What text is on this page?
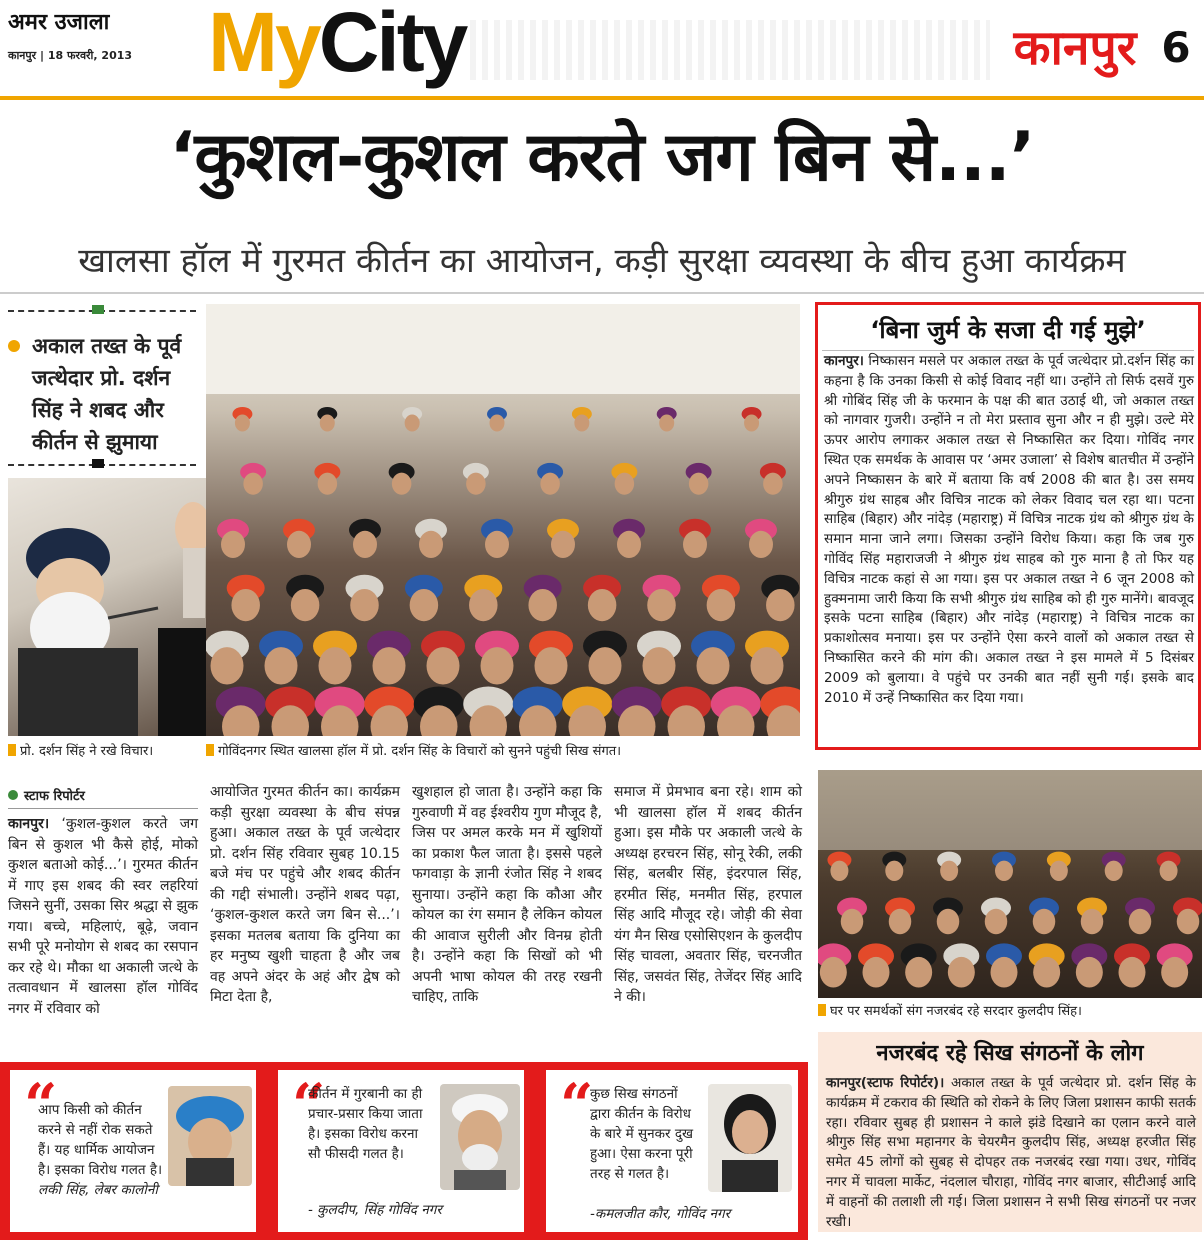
अमर उजाला
कानपुर | 18 फरवरी, 2013 MyCity	कानपुर 6
‘कुशल-कुशल करते जग बिन से...’
खालसा हॉल में गुरमत कीर्तन का आयोजन, कड़ी सुरक्षा व्यवस्था के बीच हुआ कार्यक्रम
अकाल तख्त के पूर्व जत्थेदार प्रो. दर्शन सिंह ने शबद और कीर्तन से झुमाया
प्रो. दर्शन सिंह ने रखे विचार।	गोविंदनगर स्थित खालसा हॉल में प्रो. दर्शन सिंह के विचारों को सुनने पहुंची सिख संगत।
स्टाफ रिपोर्टर
कानपुर। ‘कुशल-कुशल करते जग बिन से कुशल भी कैसे होई, मोको कुशल बताओ कोई...’। गुरमत कीर्तन में गाए इस शबद की स्वर लहरियां जिसने सुनीं, उसका सिर श्रद्धा से झुक गया। बच्चे, महिलाएं, बूढ़े, जवान सभी पूरे मनोयोग से शबद का रसपान कर रहे थे। मौका था अकाली जत्थे के तत्वावधान में खालसा हॉल गोविंद नगर में रविवार को
आयोजित गुरमत कीर्तन का। कार्यक्रम कड़ी सुरक्षा व्यवस्था के बीच संपन्न हुआ। अकाल तख्त के पूर्व जत्थेदार प्रो. दर्शन सिंह रविवार सुबह 10.15 बजे मंच पर पहुंचे और शबद कीर्तन की गद्दी संभाली। उन्होंने शबद पढ़ा, ‘कुशल-कुशल करते जग बिन से...’। इसका मतलब बताया कि दुनिया का हर मनुष्य खुशी चाहता है और जब वह अपने अंदर के अहं और द्वेष को मिटा देता है,
खुशहाल हो जाता है। उन्होंने कहा कि गुरुवाणी में वह ईश्वरीय गुण मौजूद है, जिस पर अमल करके मन में खुशियों का प्रकाश फैल जाता है। इससे पहले फगवाड़ा के ज्ञानी रंजोत सिंह ने शबद सुनाया। उन्होंने कहा कि कौआ और कोयल का रंग समान है लेकिन कोयल की आवाज सुरीली और विनम्र होती है। उन्होंने कहा कि सिखों को भी अपनी भाषा कोयल की तरह रखनी चाहिए, ताकि
समाज में प्रेमभाव बना रहे। शाम को भी खालसा हॉल में शबद कीर्तन हुआ। इस मौके पर अकाली जत्थे के अध्यक्ष हरचरन सिंह, सोनू रेकी, लकी सिंह, बलबीर सिंह, इंदरपाल सिंह, हरमीत सिंह, मनमीत सिंह, हरपाल सिंह आदि मौजूद रहे। जोड़ी की सेवा यंग मैन सिख एसोसिएशन के कुलदीप सिंह चावला, अवतार सिंह, चरनजीत सिंह, जसवंत सिंह, तेजेंदर सिंह आदि ने की।
“
आप किसी को कीर्तन करने से नहीं रोक सकते हैं। यह धार्मिक आयोजन है। इसका विरोध गलत है। लकी सिंह, लेबर कालोनी
“
कीर्तन में गुरबानी का ही प्रचार-प्रसार किया जाता है। इसका विरोध करना सौ फीसदी गलत है।
- कुलदीप, सिंह गोविंद नगर
“
कुछ सिख संगठनों द्वारा कीर्तन के विरोध के बारे में सुनकर दुख हुआ। ऐसा करना पूरी तरह से गलत है।
-कमलजीत कौर, गोविंद नगर
‘बिना जुर्म के सजा दी गई मुझे’
कानपुर। निष्कासन मसले पर अकाल तख्त के पूर्व जत्थेदार प्रो.दर्शन सिंह का कहना है कि उनका किसी से कोई विवाद नहीं था। उन्होंने तो सिर्फ दसवें गुरु श्री गोबिंद सिंह जी के फरमान के पक्ष की बात उठाई थी, जो अकाल तख्त को नागवार गुजरी। उन्होंने न तो मेरा प्रस्ताव सुना और न ही मुझे। उल्टे मेरे ऊपर आरोप लगाकर अकाल तख्त से निष्कासित कर दिया। गोविंद नगर स्थित एक समर्थक के आवास पर ‘अमर उजाला’ से विशेष बातचीत में उन्होंने अपने निष्कासन के बारे में बताया कि वर्ष 2008 की बात है। उस समय श्रीगुरु ग्रंथ साहब और विचित्र नाटक को लेकर विवाद चल रहा था। पटना साहिब (बिहार) और नांदेड़ (महाराष्ट्र) में विचित्र नाटक ग्रंथ को श्रीगुरु ग्रंथ के समान माना जाने लगा। जिसका उन्होंने विरोध किया। कहा कि जब गुरु गोविंद सिंह महाराजजी ने श्रीगुरु ग्रंथ साहब को गुरु माना है तो फिर यह विचित्र नाटक कहां से आ गया। इस पर अकाल तख्त ने 6 जून 2008 को हुक्मनामा जारी किया कि सभी श्रीगुरु ग्रंथ साहिब को ही गुरु मानेंगे। बावजूद इसके पटना साहिब (बिहार) और नांदेड़ (महाराष्ट्र) ने विचित्र नाटक का प्रकाशोत्सव मनाया। इस पर उन्होंने ऐसा करने वालों को अकाल तख्त से निष्कासित करने की मांग की। अकाल तख्त ने इस मामले में 5 दिसंबर 2009 को बुलाया। वे पहुंचे पर उनकी बात नहीं सुनी गई। इसके बाद 2010 में उन्हें निष्कासित कर दिया गया।
घर पर समर्थकों संग नजरबंद रहे सरदार कुलदीप सिंह।
नजरबंद रहे सिख संगठनों के लोग
कानपुर(स्टाफ रिपोर्टर)। अकाल तख्त के पूर्व जत्थेदार प्रो. दर्शन सिंह के कार्यक्रम में टकराव की स्थिति को रोकने के लिए जिला प्रशासन काफी सतर्क रहा। रविवार सुबह ही प्रशासन ने काले झंडे दिखाने का एलान करने वाले श्रीगुरु सिंह सभा महानगर के चेयरमैन कुलदीप सिंह, अध्यक्ष हरजीत सिंह समेत 45 लोगों को सुबह से दोपहर तक नजरबंद रखा गया। उधर, गोविंद नगर में चावला मार्केट, नंदलाल चौराहा, गोविंद नगर बाजार, सीटीआई आदि में वाहनों की तलाशी ली गई। जिला प्रशासन ने सभी सिख संगठनों पर नजर रखी।
